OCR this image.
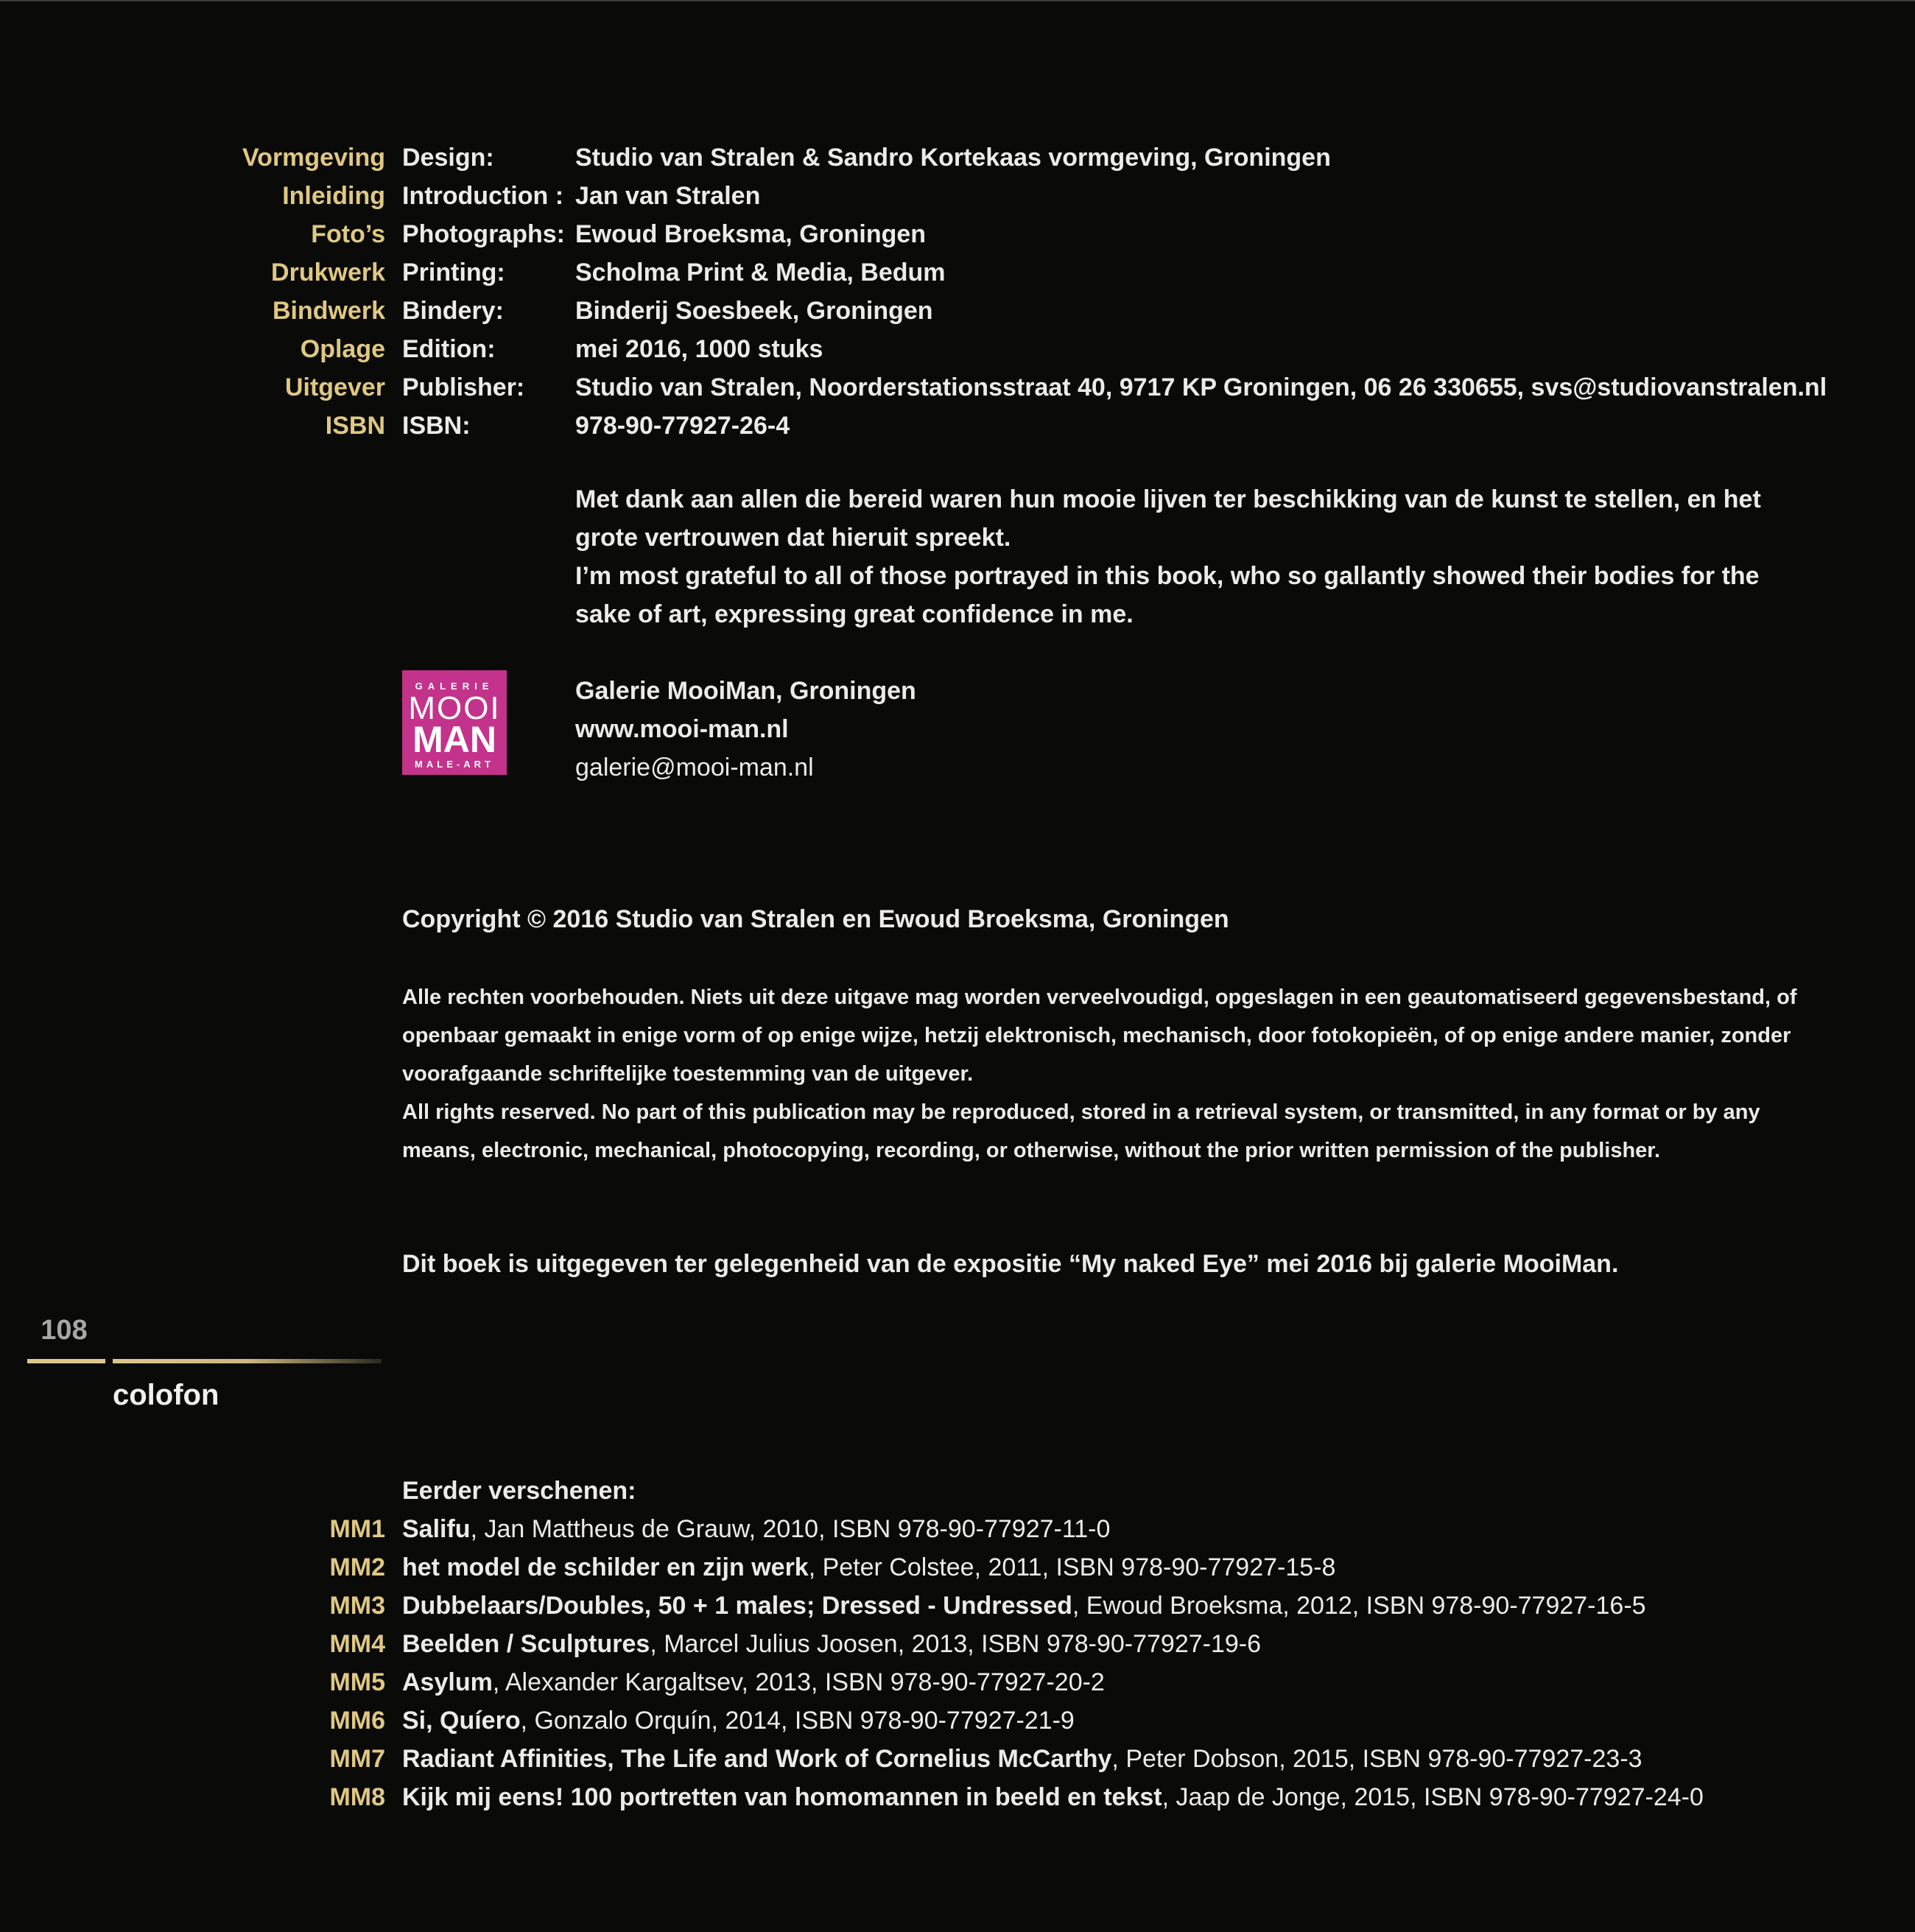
Vormgeving Design:	Studio van Stralen & Sandro Kortekaas vormgeving, Groningen
Inleiding Introduction : Jan van Stralen
Foto’s Photographs: Ewoud Broeksma, Groningen
Drukwerk Printing:	Scholma Print & Media, Bedum
Bindwerk Bindery:	Binderij Soesbeek, Groningen
Oplage Edition:	mei 2016, 1000 stuks
Uitgever Publisher: Studio van Stralen, Noorderstationsstraat 40, 9717 KP Groningen, 06 26 330655, svs@studiovanstralen.nl
ISBN ISBN:	978-90-77927-26-4

Met dank aan allen die bereid waren hun mooie lijven ter beschikking van de kunst te stellen, en het grote vertrouwen dat hieruit spreekt.

I’m most grateful to all of those portrayed in this book, who so gallantly showed their bodies for the sake of art, expressing great confidence in me.

GALERIE
MOOI
MAN
MALE-ART
Galerie MooiMan, Groningen
www.mooi-man.nl
galerie@mooi-man.nl
Copyright © 2016 Studio van Stralen en Ewoud Broeksma, Groningen

Alle rechten voorbehouden. Niets uit deze uitgave mag worden verveelvoudigd, opgeslagen in een geautomatiseerd gegevensbestand, of openbaar gemaakt in enige vorm of op enige wijze, hetzij elektronisch, mechanisch, door fotokopieën, of op enige andere manier, zonder voorafgaande schriftelijke toestemming van de uitgever.

All rights reserved. No part of this publication may be reproduced, stored in a retrieval system, or transmitted, in any format or by any means, electronic, mechanical, photocopying, recording, or otherwise, without the prior written permission of the publisher.

Dit boek is uitgegeven ter gelegenheid van de expositie “My naked Eye” mei 2016 bij galerie MooiMan.
108
colofon
Eerder verschenen:
MM1 Salifu, Jan Mattheus de Grauw, 2010, ISBN 978-90-77927-11-0
MM2 het model de schilder en zijn werk, Peter Colstee, 2011, ISBN 978-90-77927-15-8
MM3 Dubbelaars/Doubles, 50 + 1 males; Dressed - Undressed, Ewoud Broeksma, 2012, ISBN 978-90-77927-16-5
MM4 Beelden / Sculptures, Marcel Julius Joosen, 2013, ISBN 978-90-77927-19-6
MM5 Asylum, Alexander Kargaltsev, 2013, ISBN 978-90-77927-20-2
MM6 Si, Quíero, Gonzalo Orquín, 2014, ISBN 978-90-77927-21-9
MM7 Radiant Affinities, The Life and Work of Cornelius McCarthy, Peter Dobson, 2015, ISBN 978-90-77927-23-3
MM8 Kijk mij eens! 100 portretten van homomannen in beeld en tekst, Jaap de Jonge, 2015, ISBN 978-90-77927-24-0
